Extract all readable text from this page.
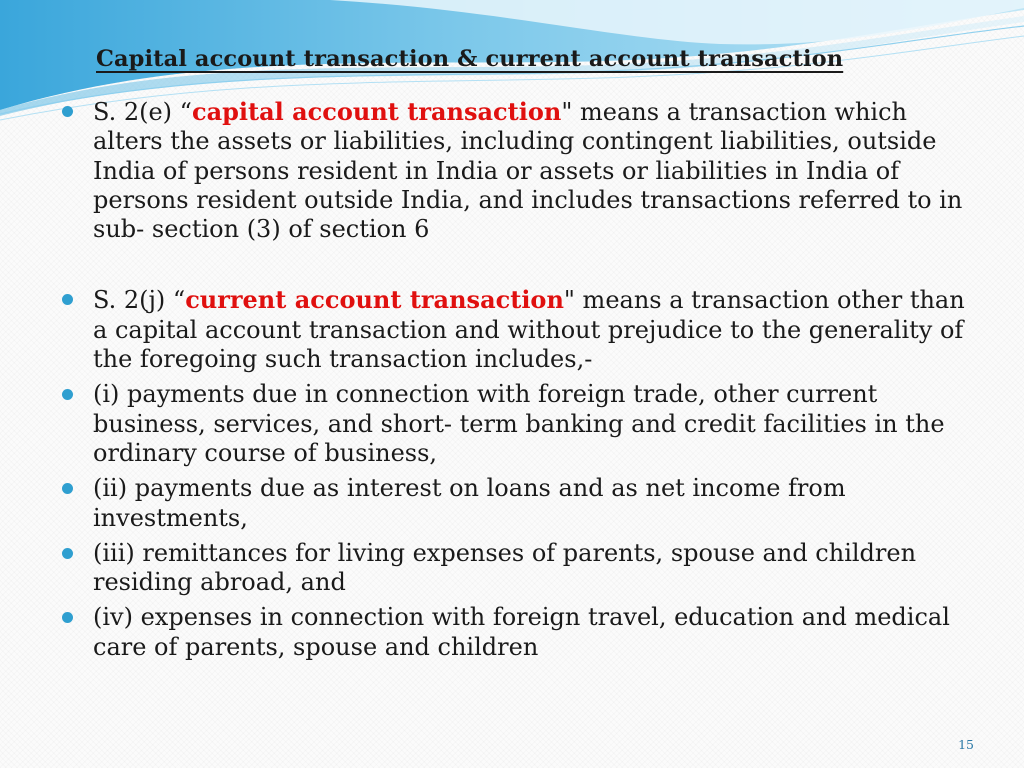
Capital account transaction & current account transaction
S. 2(e) “capital account transaction" means a transaction which alters the assets or liabilities, including contingent liabilities, outside India of persons resident in India or assets or liabilities in India of persons resident outside India, and includes transactions referred to in sub- section (3) of section 6
S. 2(j) “current account transaction" means a transaction other than a capital account transaction and without prejudice to the generality of the foregoing such transaction includes,-
(i) payments due in connection with foreign trade, other current business, services, and short- term banking and credit facilities in the ordinary course of business,
(ii) payments due as interest on loans and as net income from investments,
(iii) remittances for living expenses of parents, spouse and children residing abroad, and
(iv) expenses in connection with foreign travel, education and medical care of parents, spouse and children
15
